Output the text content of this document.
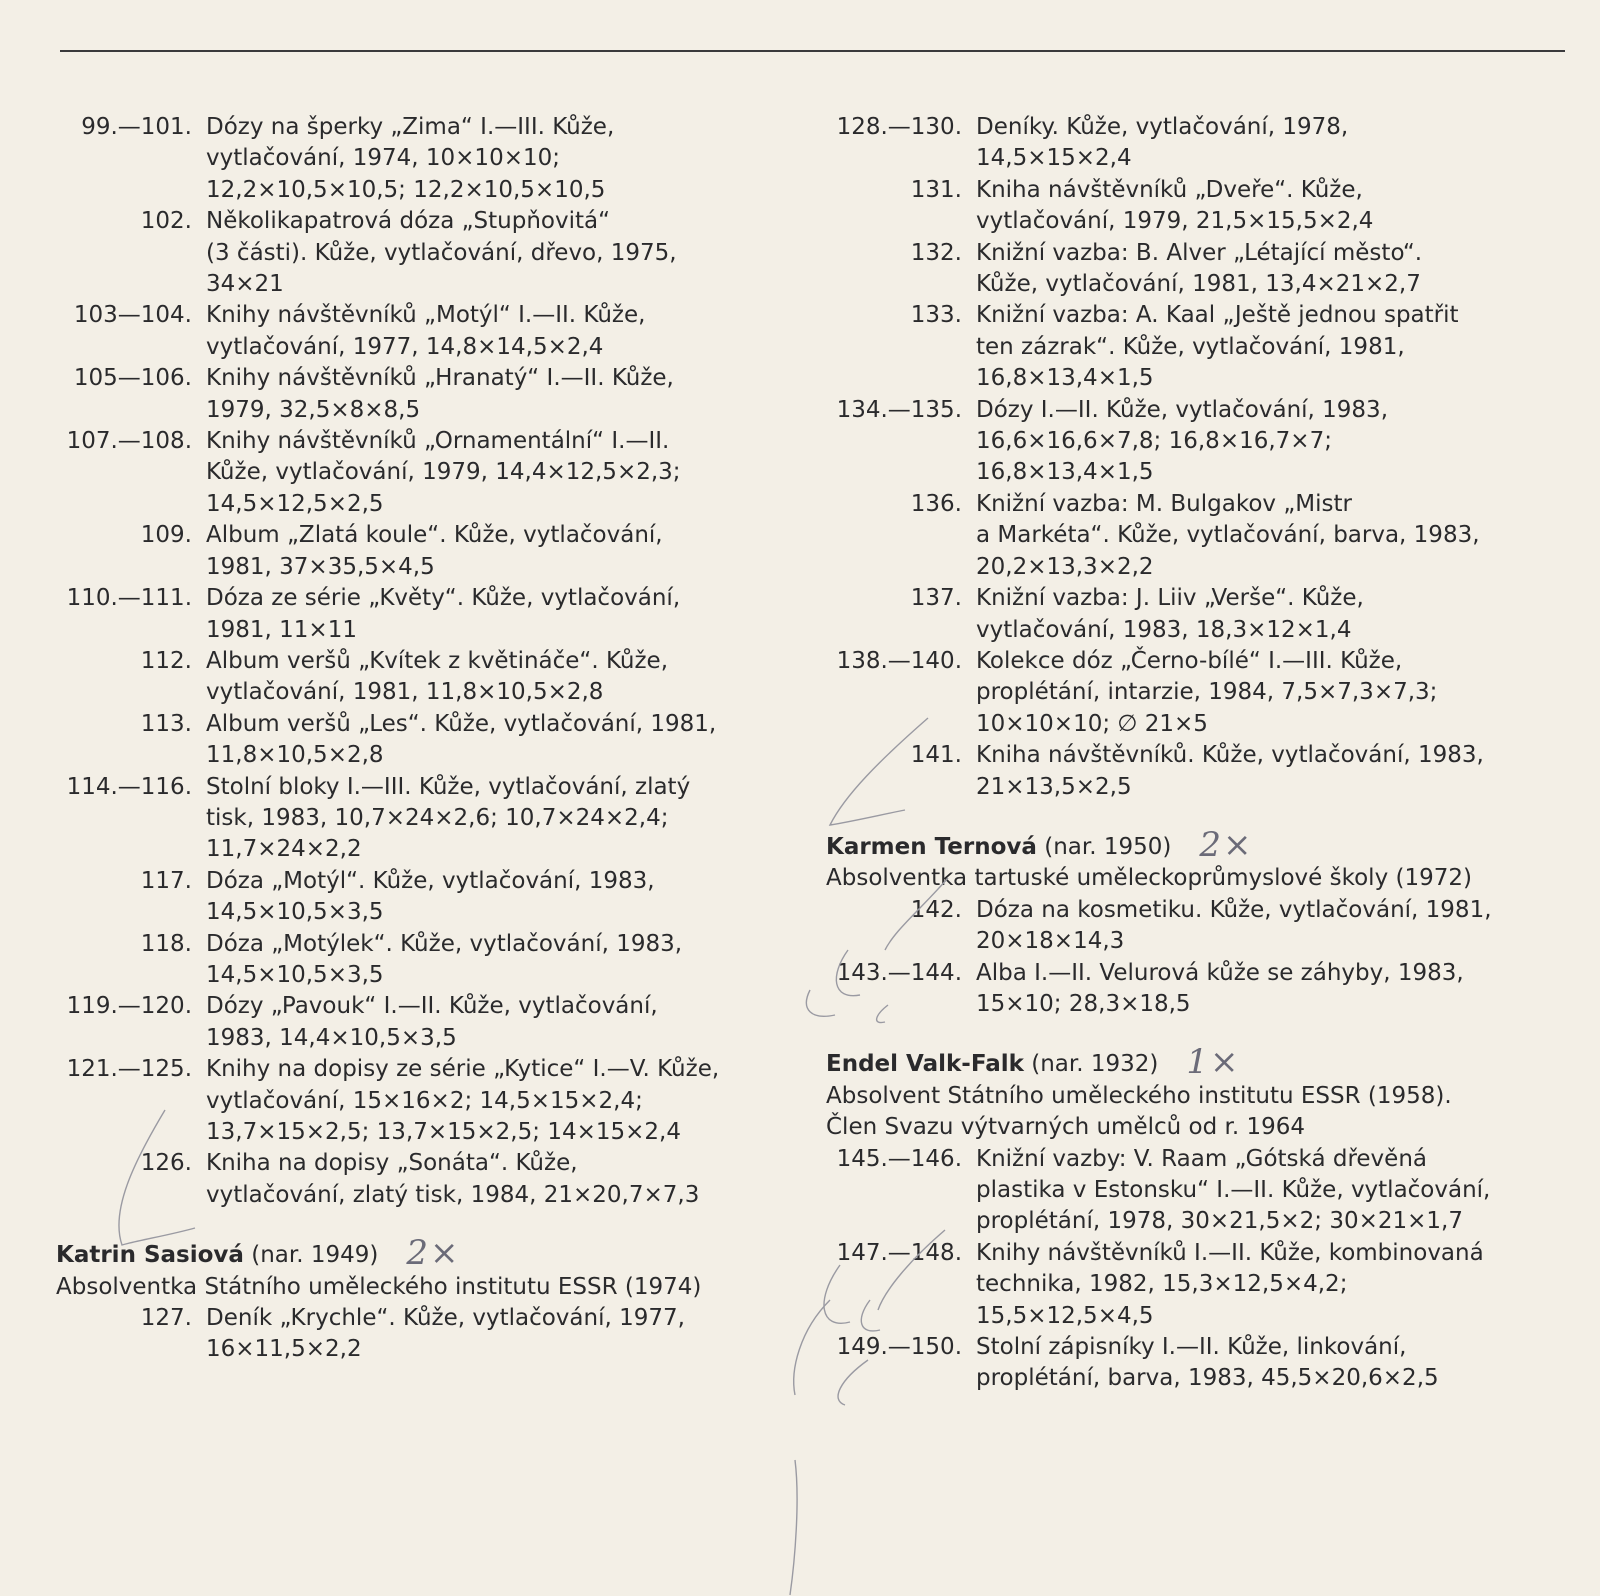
99.—101. Dózy na šperky „Zima“ I.—III. Kůže,
vytlačování, 1974, 10×10×10;
12,2×10,5×10,5; 12,2×10,5×10,5
102. Několikapatrová dóza „Stupňovitá“
(3 části). Kůže, vytlačování, dřevo, 1975,
34×21
103—104. Knihy návštěvníků „Motýl“ I.—II. Kůže,
vytlačování, 1977, 14,8×14,5×2,4
105—106. Knihy návštěvníků „Hranatý“ I.—II. Kůže,
1979, 32,5×8×8,5
107.—108. Knihy návštěvníků „Ornamentální“ I.—II.
Kůže, vytlačování, 1979, 14,4×12,5×2,3;
14,5×12,5×2,5
109. Album „Zlatá koule“. Kůže, vytlačování,
1981, 37×35,5×4,5
110.—111. Dóza ze série „Květy“. Kůže, vytlačování,
1981, 11×11
112. Album veršů „Kvítek z květináče“. Kůže,
vytlačování, 1981, 11,8×10,5×2,8
113. Album veršů „Les“. Kůže, vytlačování, 1981,
11,8×10,5×2,8
114.—116. Stolní bloky I.—III. Kůže, vytlačování, zlatý
tisk, 1983, 10,7×24×2,6; 10,7×24×2,4;
11,7×24×2,2
117. Dóza „Motýl“. Kůže, vytlačování, 1983,
14,5×10,5×3,5
118. Dóza „Motýlek“. Kůže, vytlačování, 1983,
14,5×10,5×3,5
119.—120. Dózy „Pavouk“ I.—II. Kůže, vytlačování,
1983, 14,4×10,5×3,5
121.—125. Knihy na dopisy ze série „Kytice“ I.—V. Kůže,
vytlačování, 15×16×2; 14,5×15×2,4;
13,7×15×2,5; 13,7×15×2,5; 14×15×2,4
126. Kniha na dopisy „Sonáta“. Kůže,
vytlačování, zlatý tisk, 1984, 21×20,7×7,3
Katrin Sasiová (nar. 1949) 2×
Absolventka Státního uměleckého institutu ESSR (1974)
127. Deník „Krychle“. Kůže, vytlačování, 1977,
16×11,5×2,2
128.—130. Deníky. Kůže, vytlačování, 1978,
14,5×15×2,4
131. Kniha návštěvníků „Dveře“. Kůže,
vytlačování, 1979, 21,5×15,5×2,4
132. Knižní vazba: B. Alver „Létající město“.
Kůže, vytlačování, 1981, 13,4×21×2,7
133. Knižní vazba: A. Kaal „Ještě jednou spatřit
ten zázrak“. Kůže, vytlačování, 1981,
16,8×13,4×1,5
134.—135. Dózy I.—II. Kůže, vytlačování, 1983,
16,6×16,6×7,8; 16,8×16,7×7;
16,8×13,4×1,5
136. Knižní vazba: M. Bulgakov „Mistr
a Markéta“. Kůže, vytlačování, barva, 1983,
20,2×13,3×2,2
137. Knižní vazba: J. Liiv „Verše“. Kůže,
vytlačování, 1983, 18,3×12×1,4
138.—140. Kolekce dóz „Černo-bílé“ I.—III. Kůže,
proplétání, intarzie, 1984, 7,5×7,3×7,3;
10×10×10; ∅ 21×5
141. Kniha návštěvníků. Kůže, vytlačování, 1983,
21×13,5×2,5
Karmen Ternová (nar. 1950) 2×
Absolventka tartuské uměleckoprůmyslové školy (1972)
142. Dóza na kosmetiku. Kůže, vytlačování, 1981,
20×18×14,3
143.—144. Alba I.—II. Velurová kůže se záhyby, 1983,
15×10; 28,3×18,5
Endel Valk-Falk (nar. 1932) 1×
Absolvent Státního uměleckého institutu ESSR (1958).
Člen Svazu výtvarných umělců od r. 1964
145.—146. Knižní vazby: V. Raam „Gótská dřevěná
plastika v Estonsku“ I.—II. Kůže, vytlačování,
proplétání, 1978, 30×21,5×2; 30×21×1,7
147.—148. Knihy návštěvníků I.—II. Kůže, kombinovaná
technika, 1982, 15,3×12,5×4,2;
15,5×12,5×4,5
149.—150. Stolní zápisníky I.—II. Kůže, linkování,
proplétání, barva, 1983, 45,5×20,6×2,5
